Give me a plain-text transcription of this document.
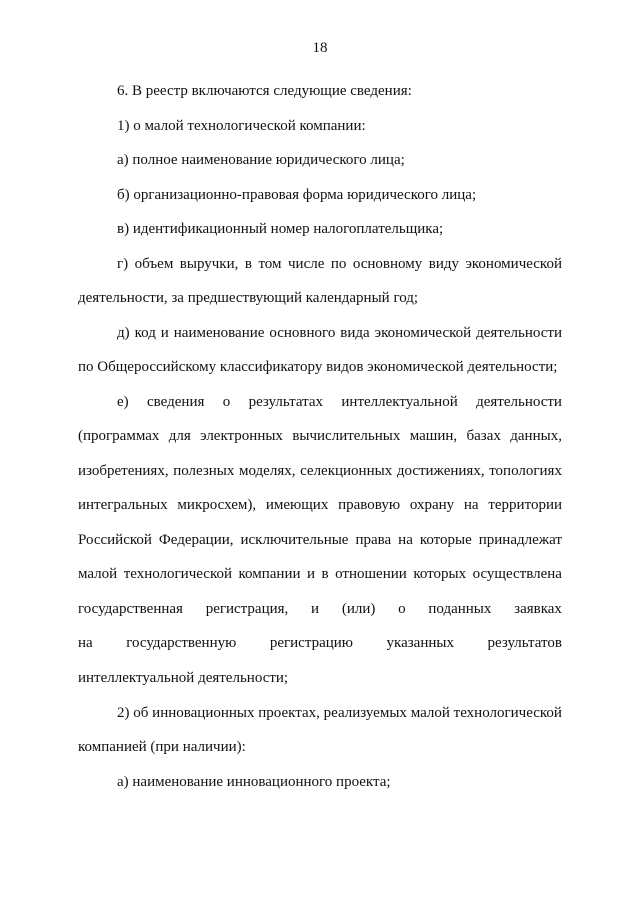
18
6. В реестр включаются следующие сведения:
1) о малой технологической компании:
а) полное наименование юридического лица;
б) организационно-правовая форма юридического лица;
в) идентификационный номер налогоплательщика;
г) объем выручки, в том числе по основному виду экономической
деятельности, за предшествующий календарный год;
д) код и наименование основного вида экономической деятельности
по Общероссийскому классификатору видов экономической деятельности;
е) сведения о результатах интеллектуальной деятельности
(программах для электронных вычислительных машин, базах данных,
изобретениях, полезных моделях, селекционных достижениях, топологиях
интегральных микросхем), имеющих правовую охрану на территории
Российской Федерации, исключительные права на которые принадлежат
малой технологической компании и в отношении которых осуществлена
государственная регистрация, и (или) о поданных заявках
на государственную регистрацию указанных результатов
интеллектуальной деятельности;
2) об инновационных проектах, реализуемых малой технологической
компанией (при наличии):
а) наименование инновационного проекта;
